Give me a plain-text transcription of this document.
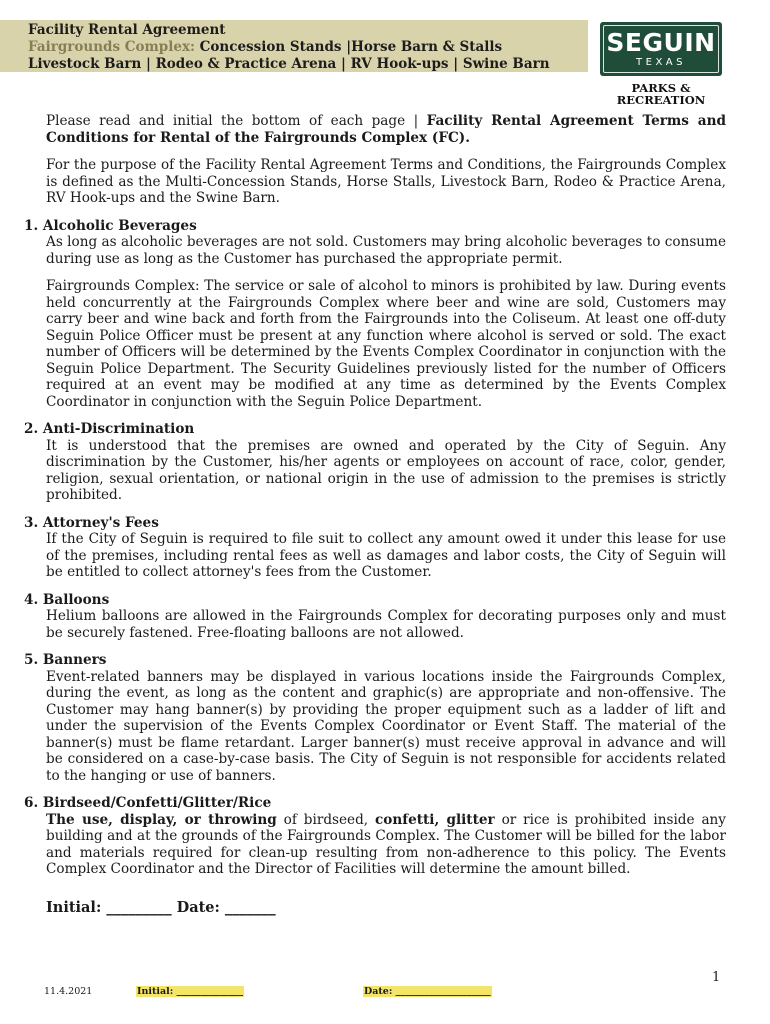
Facility Rental Agreement
Fairgrounds Complex: Concession Stands |Horse Barn & Stalls
Livestock Barn | Rodeo & Practice Arena | RV Hook-ups | Swine Barn
SEGUIN
TEXAS
PARKS &
RECREATION

Please read and initial the bottom of each page | Facility Rental Agreement Terms and Conditions for Rental of the Fairgrounds Complex (FC).

For the purpose of the Facility Rental Agreement Terms and Conditions, the Fairgrounds Complex is defined as the Multi-Concession Stands, Horse Stalls, Livestock Barn, Rodeo & Practice Arena, RV Hook-ups and the Swine Barn.

1. Alcoholic Beverages

As long as alcoholic beverages are not sold. Customers may bring alcoholic beverages to consume during use as long as the Customer has purchased the appropriate permit.

Fairgrounds Complex: The service or sale of alcohol to minors is prohibited by law. During events held concurrently at the Fairgrounds Complex where beer and wine are sold, Customers may carry beer and wine back and forth from the Fairgrounds into the Coliseum. At least one off-duty Seguin Police Officer must be present at any function where alcohol is served or sold. The exact number of Officers will be determined by the Events Complex Coordinator in conjunction with the Seguin Police Department. The Security Guidelines previously listed for the number of Officers required at an event may be modified at any time as determined by the Events Complex Coordinator in conjunction with the Seguin Police Department.

2. Anti-Discrimination

It is understood that the premises are owned and operated by the City of Seguin. Any discrimination by the Customer, his/her agents or employees on account of race, color, gender, religion, sexual orientation, or national origin in the use of admission to the premises is strictly prohibited.

3. Attorney's Fees

If the City of Seguin is required to file suit to collect any amount owed it under this lease for use of the premises, including rental fees as well as damages and labor costs, the City of Seguin will be entitled to collect attorney's fees from the Customer.

4. Balloons

Helium balloons are allowed in the Fairgrounds Complex for decorating purposes only and must be securely fastened. Free-floating balloons are not allowed.

5. Banners

Event-related banners may be displayed in various locations inside the Fairgrounds Complex, during the event, as long as the content and graphic(s) are appropriate and non-offensive. The Customer may hang banner(s) by providing the proper equipment such as a ladder of lift and under the supervision of the Events Complex Coordinator or Event Staff. The material of the banner(s) must be flame retardant. Larger banner(s) must receive approval in advance and will be considered on a case-by-case basis. The City of Seguin is not responsible for accidents related to the hanging or use of banners.

6. Birdseed/Confetti/Glitter/Rice

The use, display, or throwing of birdseed, confetti, glitter or rice is prohibited inside any building and at the grounds of the Fairgrounds Complex. The Customer will be billed for the labor and materials required for clean-up resulting from non-adherence to this policy. The Events Complex Coordinator and the Director of Facilities will determine the amount billed.

Initial: _________ Date: _______
1
11.4.2021	Initial: ______________	Date: ____________________
